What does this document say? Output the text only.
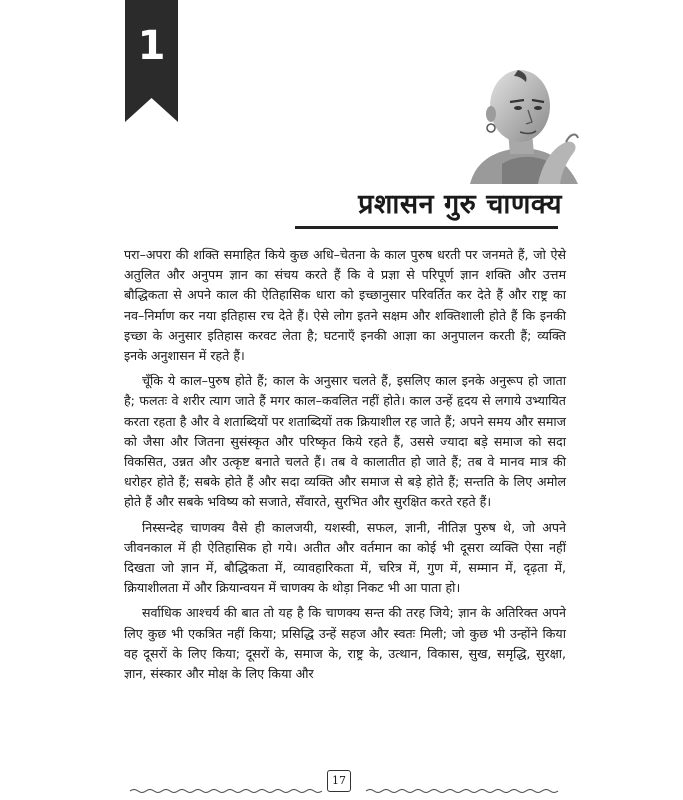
1
प्रशासन गुरु चाणक्य

परा–अपरा की शक्ति समाहित किये कुछ अधि–चेतना के काल पुरुष धरती पर जनमते हैं, जो ऐसे अतुलित और अनुपम ज्ञान का संचय करते हैं कि वे प्रज्ञा से परिपूर्ण ज्ञान शक्ति और उत्तम बौद्धिकता से अपने काल की ऐतिहासिक धारा को इच्छानुसार परिवर्तित कर देते हैं और राष्ट्र का नव–निर्माण कर नया इतिहास रच देते हैं। ऐसे लोग इतने सक्षम और शक्तिशाली होते हैं कि इनकी इच्छा के अनुसार इतिहास करवट लेता है; घटनाएँ इनकी आज्ञा का अनुपालन करती हैं; व्यक्ति इनके अनुशासन में रहते हैं।

चूँकि ये काल–पुरुष होते हैं; काल के अनुसार चलते हैं, इसलिए काल इनके अनुरूप हो जाता है; फलतः वे शरीर त्याग जाते हैं मगर काल–कवलित नहीं होते। काल उन्हें हृदय से लगाये उभ्यायित करता रहता है और वे शताब्दियों पर शताब्दियों तक क्रियाशील रह जाते हैं; अपने समय और समाज को जैसा और जितना सुसंस्कृत और परिष्कृत किये रहते हैं, उससे ज्यादा बड़े समाज को सदा विकसित, उन्नत और उत्कृष्ट बनाते चलते हैं। तब वे कालातीत हो जाते हैं; तब वे मानव मात्र की धरोहर होते हैं; सबके होते हैं और सदा व्यक्ति और समाज से बड़े होते हैं; सन्तति के लिए अमोल होते हैं और सबके भविष्य को सजाते, सँवारते, सुरभित और सुरक्षित करते रहते हैं।

निस्सन्देह चाणक्य वैसे ही कालजयी, यशस्वी, सफल, ज्ञानी, नीतिज्ञ पुरुष थे, जो अपने जीवनकाल में ही ऐतिहासिक हो गये। अतीत और वर्तमान का कोई भी दूसरा व्यक्ति ऐसा नहीं दिखता जो ज्ञान में, बौद्धिकता में, व्यावहारिकता में, चरित्र में, गुण में, सम्मान में, दृढ़ता में, क्रियाशीलता में और क्रियान्वयन में चाणक्य के थोड़ा निकट भी आ पाता हो।

सर्वाधिक आश्चर्य की बात तो यह है कि चाणक्य सन्त की तरह जिये; ज्ञान के अतिरिक्त अपने लिए कुछ भी एकत्रित नहीं किया; प्रसिद्धि उन्हें सहज और स्वतः मिली; जो कुछ भी उन्होंने किया वह दूसरों के लिए किया; दूसरों के, समाज के, राष्ट्र के, उत्थान, विकास, सुख, समृद्धि, सुरक्षा, ज्ञान, संस्कार और मोक्ष के लिए किया और

17
